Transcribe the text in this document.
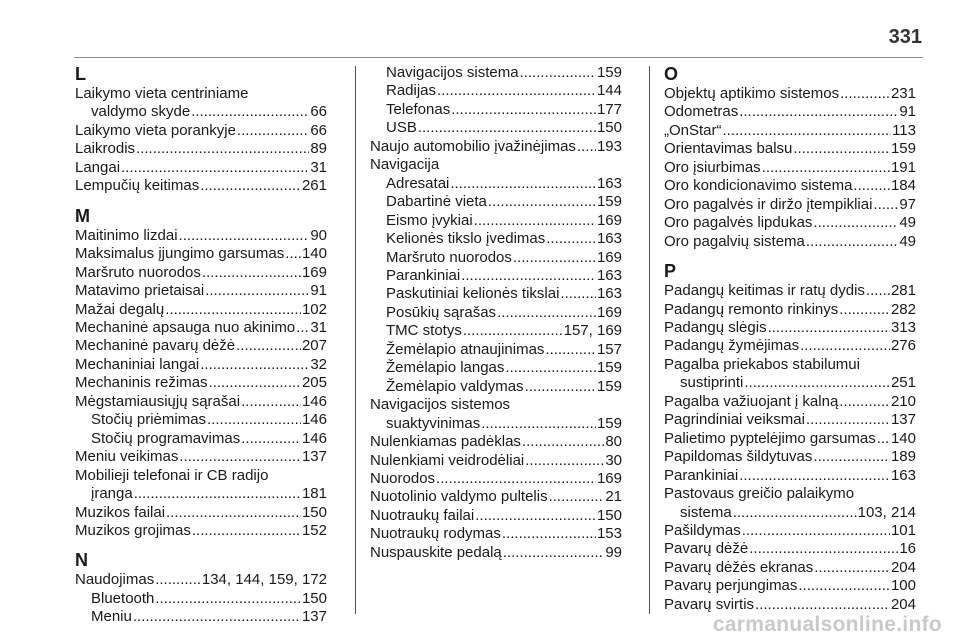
331
L
Laikymo vieta centriniame
valdymo skyde .....	66
Laikymo vieta porankyje .....	66
Laikrodis .....	89
Langai .....	31
Lempučių keitimas .....	261
M
Maitinimo lizdai .....	90
Maksimalus įjungimo garsumas ..... 140
Maršruto nuorodos .....	169
Matavimo prietaisai .....	91
Mažai degalų .....	102
Mechaninė apsauga nuo akinimo ..... 31
Mechaninė pavarų dėžė .....	207
Mechaniniai langai .....	32
Mechaninis režimas .....	205
Mėgstamiausiųjų sąrašai .....	146
Stočių priėmimas .....	146
Stočių programavimas .....	146
Meniu veikimas .....	137
Mobilieji telefonai ir CB radijo
įranga .....	181
Muzikos failai .....	150
Muzikos grojimas .....	152
N
Naudojimas .....	134, 144, 159, 172
Bluetooth .....	150
Meniu .....	137
Navigacijos sistema .....	159
Radijas .....	144
Telefonas .....	177
USB .....	150
Naujo automobilio įvažinėjimas ..... 193
Navigacija
Adresatai .....	163
Dabartinė vieta .....	159
Eismo įvykiai .....	169
Kelionės tikslo įvedimas .....	163
Maršruto nuorodos .....	169
Parankiniai .....	163
Paskutiniai kelionės tikslai .....	163
Posūkių sąrašas .....	169
TMC stotys .....	157, 169
Žemėlapio atnaujinimas .....	157
Žemėlapio langas .....	159
Žemėlapio valdymas .....	159
Navigacijos sistemos
suaktyvinimas .....	159
Nulenkiamas padėklas .....	80
Nulenkiami veidrodėliai .....	30
Nuorodos .....	169
Nuotolinio valdymo pultelis .....	21
Nuotraukų failai .....	150
Nuotraukų rodymas .....	153
Nuspauskite pedalą .....	99
O
Objektų aptikimo sistemos .....	231
Odometras .....	91
„OnStar“ .....	113
Orientavimas balsu .....	159
Oro įsiurbimas .....	191
Oro kondicionavimo sistema .....	184
Oro pagalvės ir diržo įtempikliai ..... 97
Oro pagalvės lipdukas .....	49
Oro pagalvių sistema .....	49
P
Padangų keitimas ir ratų dydis ..... 281
Padangų remonto rinkinys .....	282
Padangų slėgis .....	313
Padangų žymėjimas .....	276
Pagalba priekabos stabilumui
sustiprinti .....	251
Pagalba važiuojant į kalną .....	210
Pagrindiniai veiksmai .....	137
Palietimo pyptelėjimo garsumas ..... 140
Papildomas šildytuvas .....	189
Parankiniai .....	163
Pastovaus greičio palaikymo
sistema .....	103, 214
Pašildymas .....	101
Pavarų dėžė .....	16
Pavarų dėžės ekranas .....	204
Pavarų perjungimas .....	100
Pavarų svirtis .....	204
carmanualsonline.info
